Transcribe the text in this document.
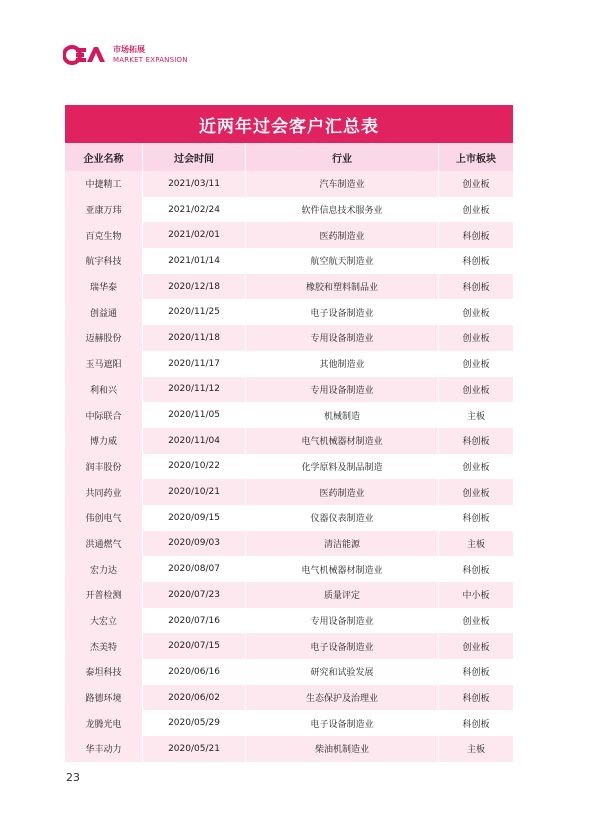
市场拓展
MARKET EXPANSION
近两年过会客户汇总表
企业名称	过会时间	行业	上市板块
中捷精工	2021/03/11	汽车制造业	创业板
亚康万玮	2021/02/24	软件信息技术服务业	创业板
百克生物	2021/02/01	医药制造业	科创板
航宇科技	2021/01/14	航空航天制造业	科创板
瑞华泰	2020/12/18	橡胶和塑料制品业	科创板
创益通	2020/11/25	电子设备制造业	创业板
迈赫股份	2020/11/18	专用设备制造业	创业板
玉马遮阳	2020/11/17	其他制造业	创业板
利和兴	2020/11/12	专用设备制造业	创业板
中际联合	2020/11/05	机械制造	主板
博力威	2020/11/04	电气机械器材制造业	科创板
润丰股份	2020/10/22	化学原料及制品制造	创业板
共同药业	2020/10/21	医药制造业	创业板
伟创电气	2020/09/15	仪器仪表制造业	科创板
洪通燃气	2020/09/03	清洁能源	主板
宏力达	2020/08/07	电气机械器材制造业	科创板
开普检测	2020/07/23	质量评定	中小板
大宏立	2020/07/16	专用设备制造业	创业板
杰美特	2020/07/15	电子设备制造业	创业板
泰坦科技	2020/06/16	研究和试验发展	科创板
路德环境	2020/06/02	生态保护及治理业	科创板
龙腾光电	2020/05/29	电子设备制造业	科创板
华丰动力	2020/05/21	柴油机制造业	主板
23
